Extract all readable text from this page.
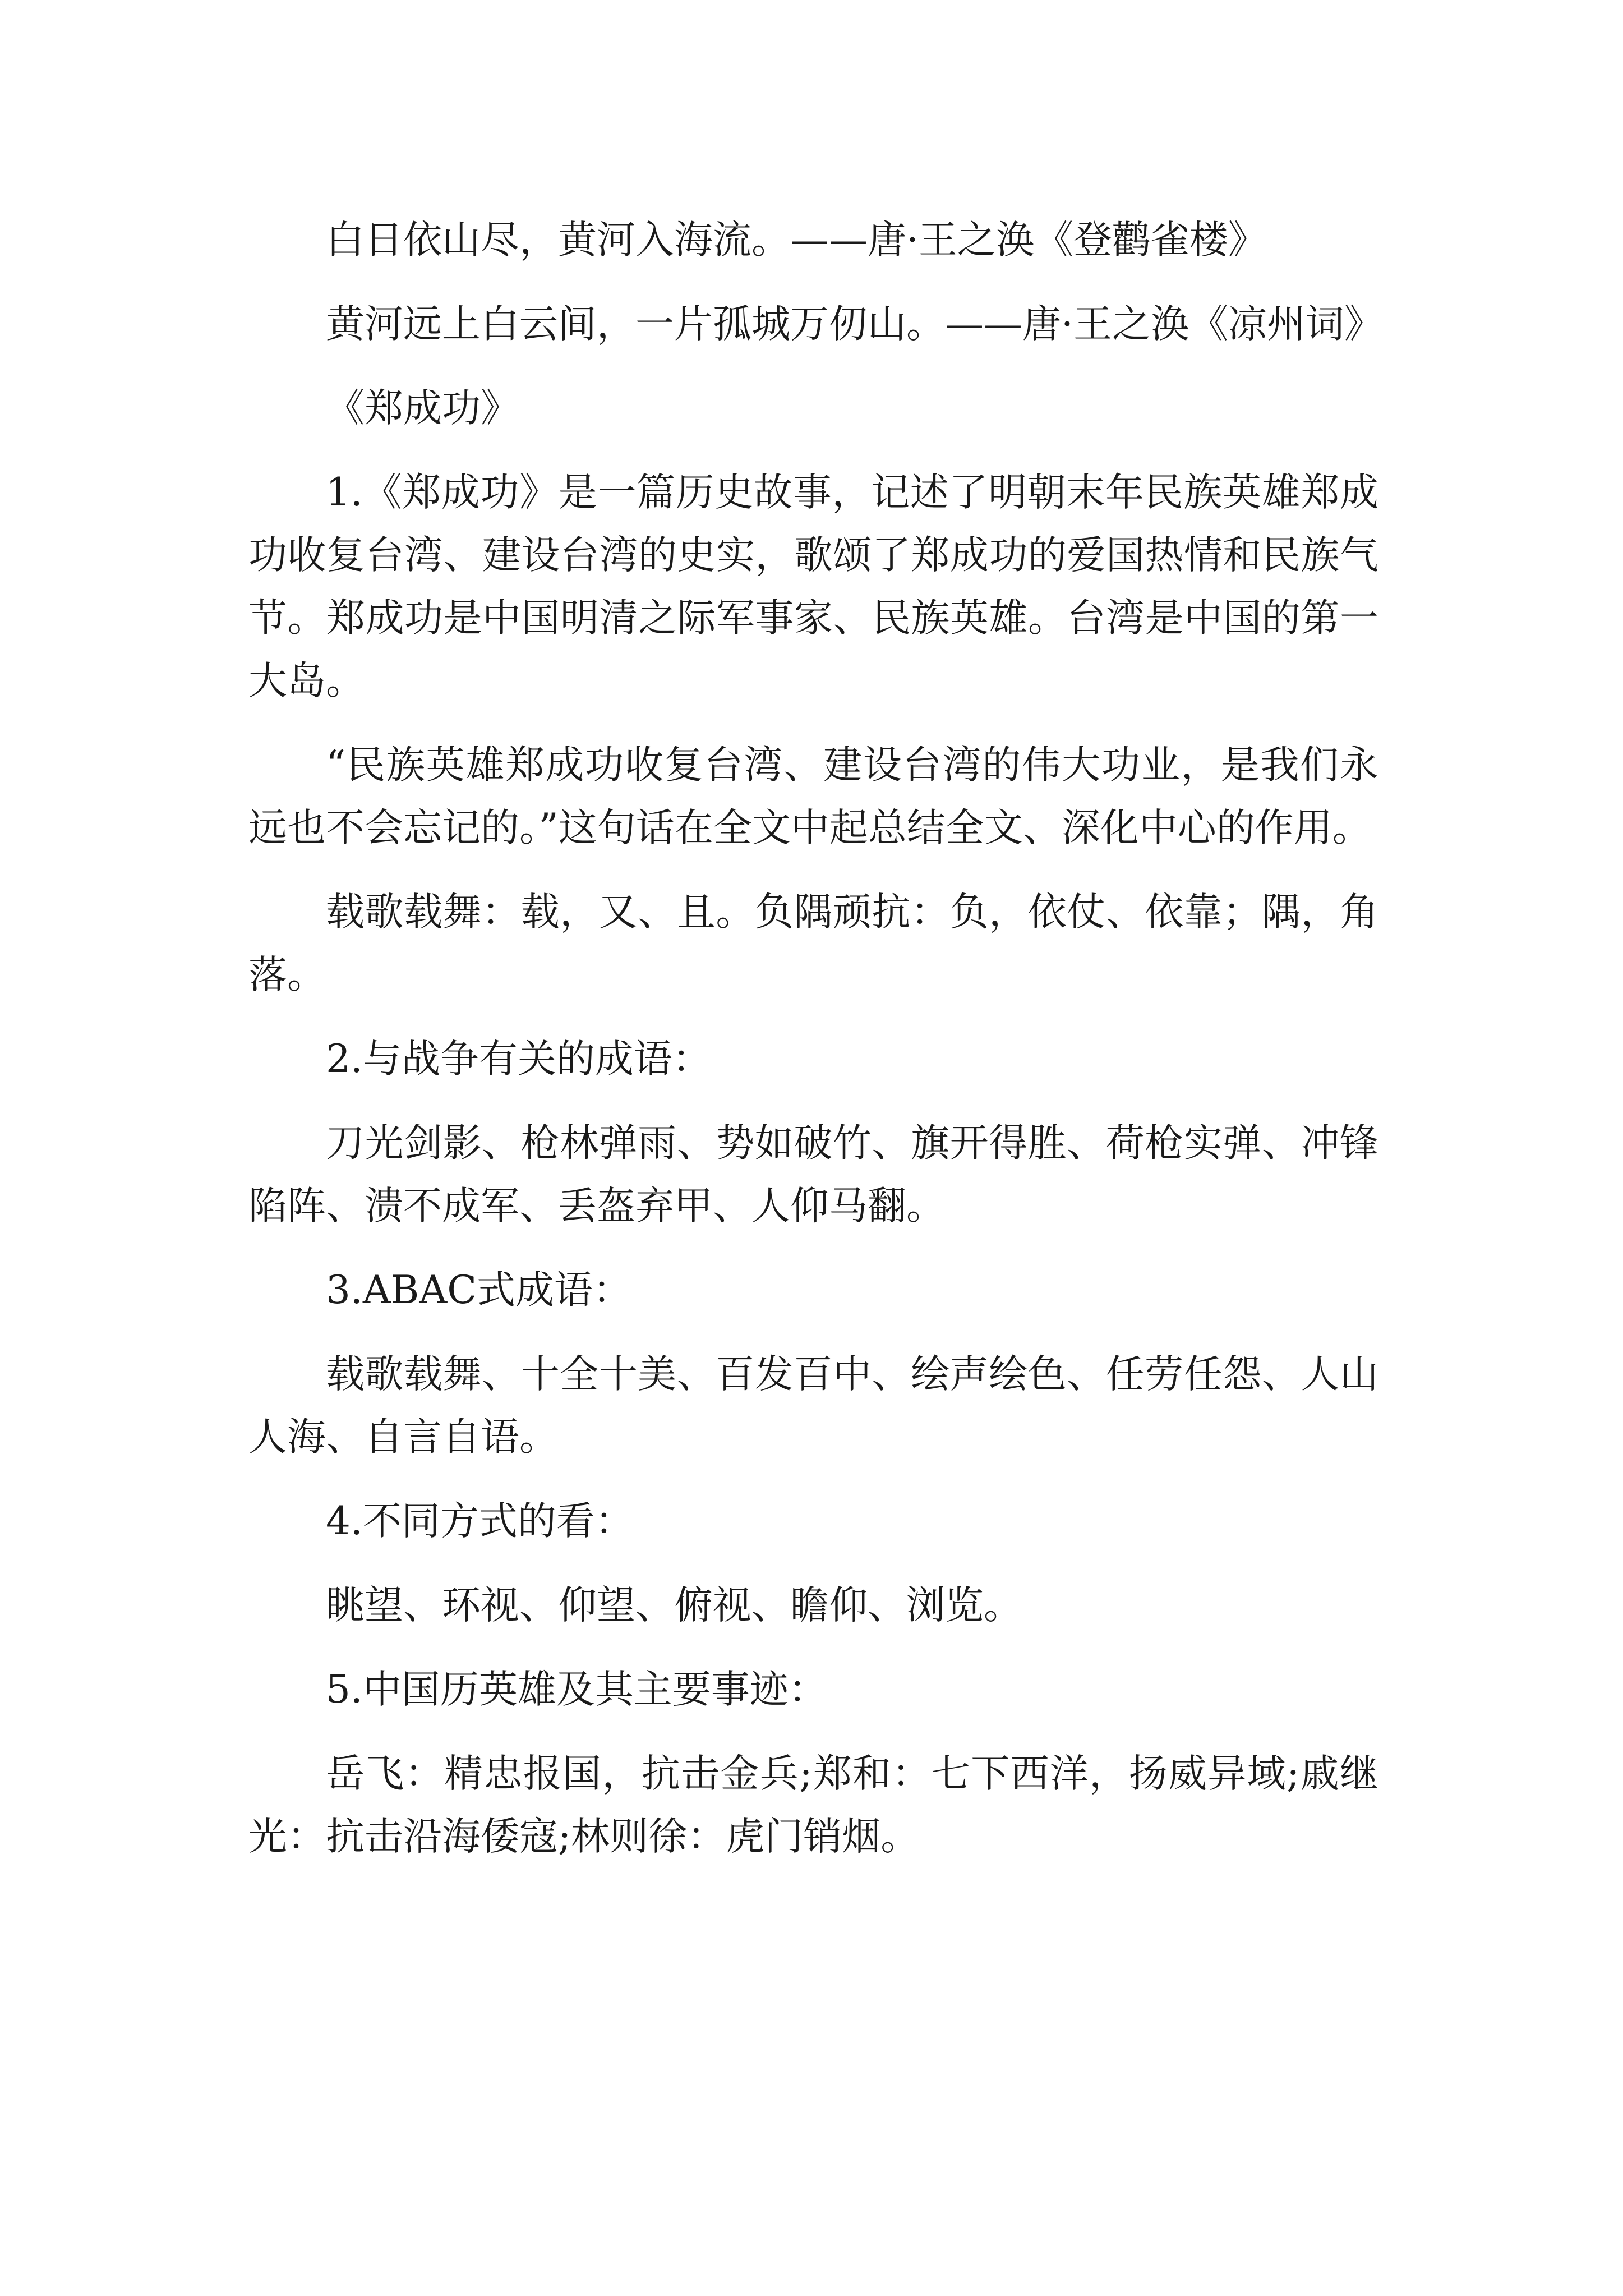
白日依山尽，黄河入海流。——唐·王之涣《登鹳雀楼》

黄河远上白云间，一片孤城万仞山。——唐·王之涣《凉州词》

《郑成功》

1.《郑成功》是一篇历史故事，记述了明朝末年民族英雄郑成功收复台湾、建设台湾的史实，歌颂了郑成功的爱国热情和民族气节。郑成功是中国明清之际军事家、民族英雄。台湾是中国的第一大岛。

“民族英雄郑成功收复台湾、建设台湾的伟大功业，是我们永远也不会忘记的。”这句话在全文中起总结全文、深化中心的作用。

载歌载舞：载，又、且。负隅顽抗：负，依仗、依靠；隅，角落。

2.与战争有关的成语：

刀光剑影、枪林弹雨、势如破竹、旗开得胜、荷枪实弹、冲锋陷阵、溃不成军、丢盔弃甲、人仰马翻。

3.ABAC式成语：

载歌载舞、十全十美、百发百中、绘声绘色、任劳任怨、人山人海、自言自语。

4.不同方式的看：

眺望、环视、仰望、俯视、瞻仰、浏览。

5.中国历英雄及其主要事迹：

岳飞：精忠报国，抗击金兵;郑和：七下西洋，扬威异域;戚继光：抗击沿海倭寇;林则徐：虎门销烟。
